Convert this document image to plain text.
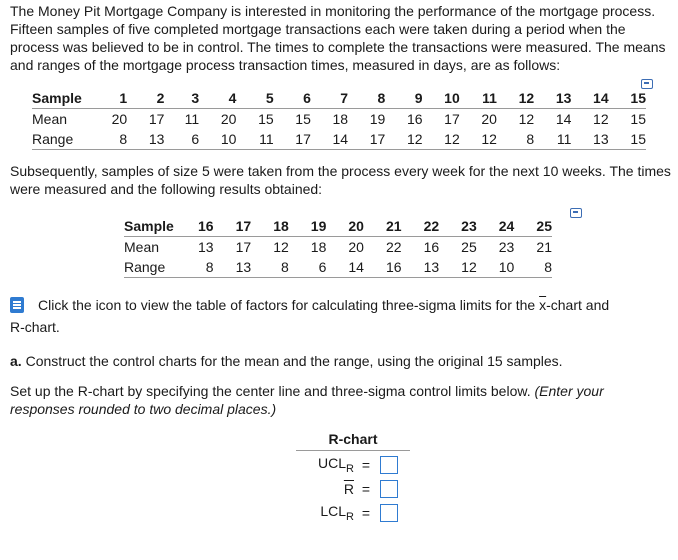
The Money Pit Mortgage Company is interested in monitoring the performance of the mortgage process. Fifteen samples of five completed mortgage transactions each were taken during a period when the process was believed to be in control. The times to complete the transactions were measured. The means and ranges of the mortgage process transaction times, measured in days, are as follows:

Sample	1	2	3	4	5	6	7	8	9	10	11	12	13	14	15
Mean	20	17	11	20	15	15	18	19	16	17	20	12	14	12	15
Range	8	13	6	10	11	17	14	17	12	12	12	8	11	13	15

Subsequently, samples of size 5 were taken from the process every week for the next 10 weeks. The times were measured and the following results obtained:

Sample	16	17	18	19	20	21	22	23	24	25
Mean	13	17	12	18	20	22	16	25	23	21
Range	8	13	8	6	14	16	13	12	10	8
Click the icon to view the table of factors for calculating three-sigma limits for the $\overline{x}$-chart and
R-chart.

a. Construct the control charts for the mean and the range, using the original 15 samples.

Set up the R-chart by specifying the center line and three-sigma control limits below. (Enter your responses rounded to two decimal places.)

R-chart
$UCL_R$ =
$\overline{R}$ =
$LCL_R$ =
